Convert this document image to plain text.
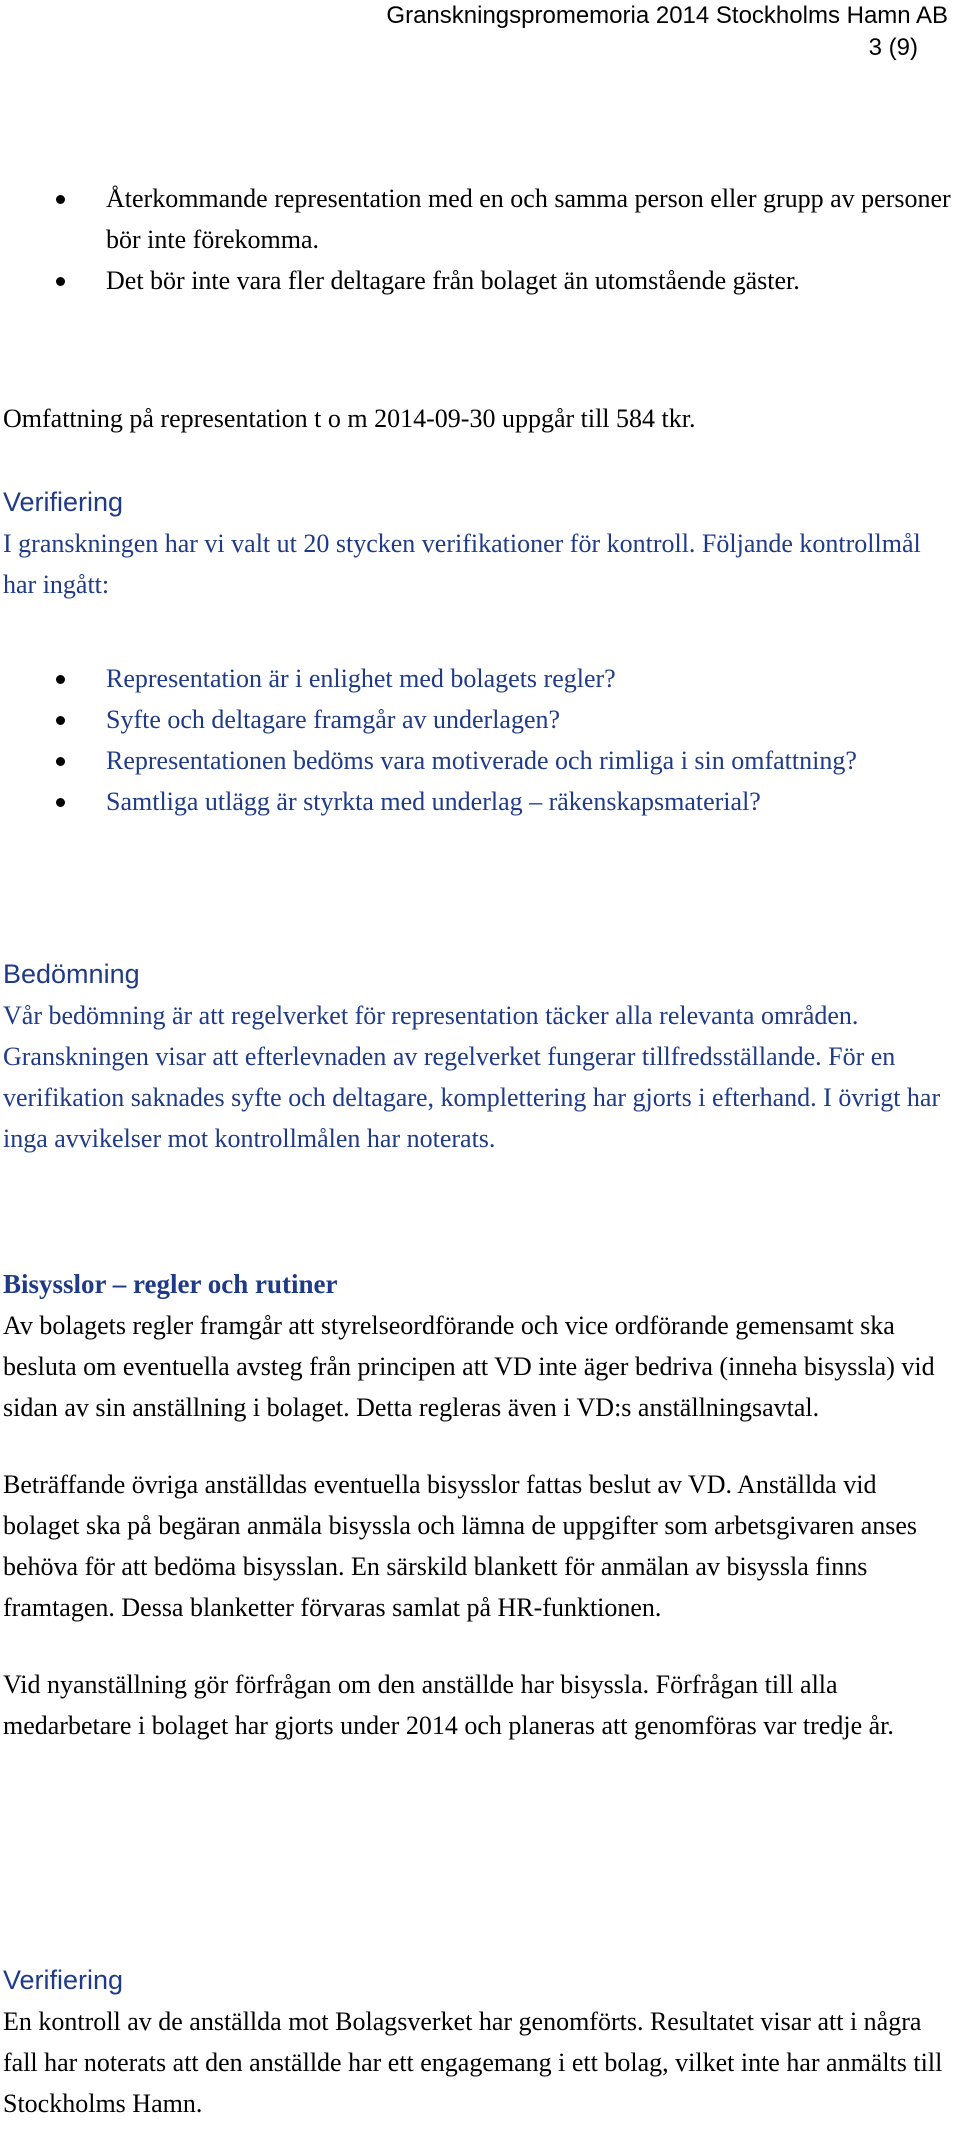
Granskningspromemoria 2014 Stockholms Hamn AB
3 (9)
Återkommande representation med en och samma person eller grupp av personer bör inte förekomma.
Det bör inte vara fler deltagare från bolaget än utomstående gäster.

Omfattning på representation t o m 2014-09-30 uppgår till 584 tkr.

Verifiering

I granskningen har vi valt ut 20 stycken verifikationer för kontroll. Följande kontrollmål har ingått:

Representation är i enlighet med bolagets regler?
Syfte och deltagare framgår av underlagen?
Representationen bedöms vara motiverade och rimliga i sin omfattning?
Samtliga utlägg är styrkta med underlag – räkenskapsmaterial?
Bedömning

Vår bedömning är att regelverket för representation täcker alla relevanta områden. Granskningen visar att efterlevnaden av regelverket fungerar tillfredsställande. För en verifikation saknades syfte och deltagare, komplettering har gjorts i efterhand. I övrigt har inga avvikelser mot kontrollmålen har noterats.

Bisysslor – regler och rutiner

Av bolagets regler framgår att styrelseordförande och vice ordförande gemensamt ska besluta om eventuella avsteg från principen att VD inte äger bedriva (inneha bisyssla) vid sidan av sin anställning i bolaget. Detta regleras även i VD:s anställningsavtal.

Beträffande övriga anställdas eventuella bisysslor fattas beslut av VD. Anställda vid bolaget ska på begäran anmäla bisyssla och lämna de uppgifter som arbetsgivaren anses behöva för att bedöma bisysslan. En särskild blankett för anmälan av bisyssla finns framtagen. Dessa blanketter förvaras samlat på HR-funktionen.

Vid nyanställning gör förfrågan om den anställde har bisyssla. Förfrågan till alla medarbetare i bolaget har gjorts under 2014 och planeras att genomföras var tredje år.

Verifiering

En kontroll av de anställda mot Bolagsverket har genomförts. Resultatet visar att i några fall har noterats att den anställde har ett engagemang i ett bolag, vilket inte har anmälts till Stockholms Hamn.
